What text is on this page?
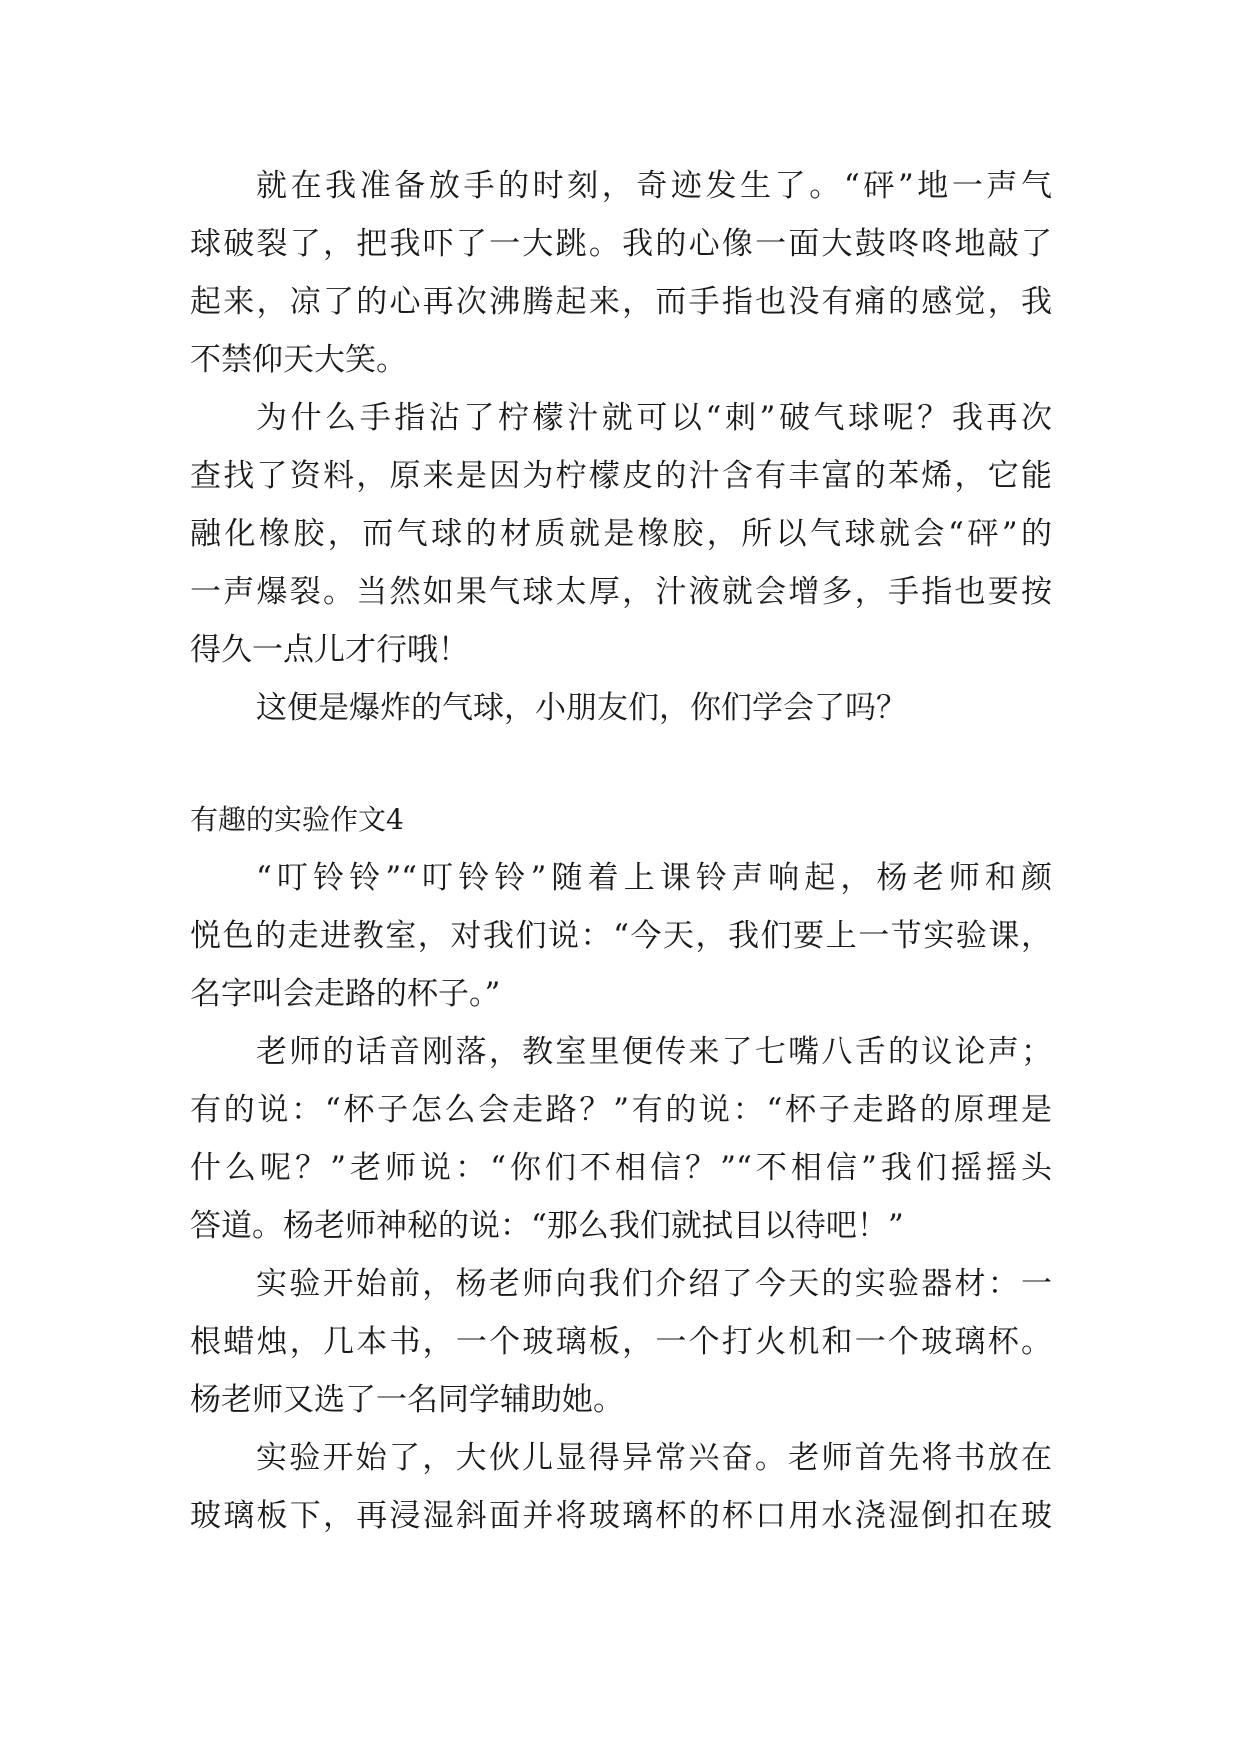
就在我准备放手的时刻，奇迹发生了。“砰”地一声气
球破裂了，把我吓了一大跳。我的心像一面大鼓咚咚地敲了
起来，凉了的心再次沸腾起来，而手指也没有痛的感觉，我
不禁仰天大笑。
为什么手指沾了柠檬汁就可以“刺”破气球呢？我再次
查找了资料，原来是因为柠檬皮的汁含有丰富的苯烯，它能
融化橡胶，而气球的材质就是橡胶，所以气球就会“砰”的
一声爆裂。当然如果气球太厚，汁液就会增多，手指也要按
得久一点儿才行哦！
这便是爆炸的气球，小朋友们，你们学会了吗？
有趣的实验作文4
“叮铃铃”“叮铃铃”随着上课铃声响起，杨老师和颜
悦色的走进教室，对我们说：“今天，我们要上一节实验课，
名字叫会走路的杯子。”
老师的话音刚落，教室里便传来了七嘴八舌的议论声；
有的说：“杯子怎么会走路？”有的说：“杯子走路的原理是
什么呢？”老师说：“你们不相信？”“不相信”我们摇摇头
答道。杨老师神秘的说：“那么我们就拭目以待吧！”
实验开始前，杨老师向我们介绍了今天的实验器材：一
根蜡烛，几本书，一个玻璃板，一个打火机和一个玻璃杯。
杨老师又选了一名同学辅助她。
实验开始了，大伙儿显得异常兴奋。老师首先将书放在
玻璃板下，再浸湿斜面并将玻璃杯的杯口用水浇湿倒扣在玻
